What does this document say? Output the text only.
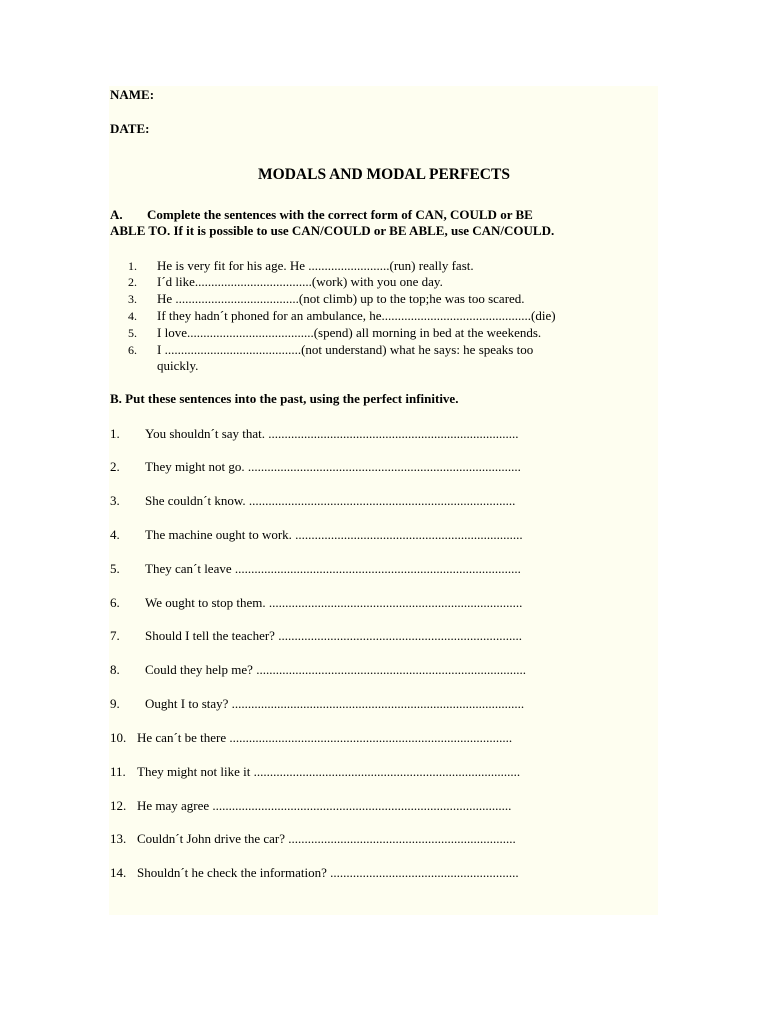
NAME:
DATE:
MODALS AND MODAL PERFECTS
A. Complete the sentences with the correct form of CAN, COULD or BE
ABLE TO. If it is possible to use CAN/COULD or BE ABLE, use CAN/COULD.
1. He is very fit for his age. He .........................(run) really fast.
2. I´d like....................................(work) with you one day.
3. He ......................................(not climb) up to the top;he was too scared.
4. If they hadn´t phoned for an ambulance, he..............................................(die)
5. I love.......................................(spend) all morning in bed at the weekends.
6. I ..........................................(not understand) what he says: he speaks too
quickly.
B. Put these sentences into the past, using the perfect infinitive.
1. You shouldn´t say that. .............................................................................
2. They might not go. ....................................................................................
3. She couldn´t know. ..................................................................................
4. The machine ought to work. ......................................................................
5. They can´t leave ........................................................................................
6. We ought to stop them. ..............................................................................
7. Should I tell the teacher? ...........................................................................
8. Could they help me? ...................................................................................
9. Ought I to stay? ..........................................................................................
10. He can´t be there .......................................................................................
11. They might not like it ..................................................................................
12. He may agree ............................................................................................
13. Couldn´t John drive the car? ......................................................................
14. Shouldn´t he check the information? ..........................................................
